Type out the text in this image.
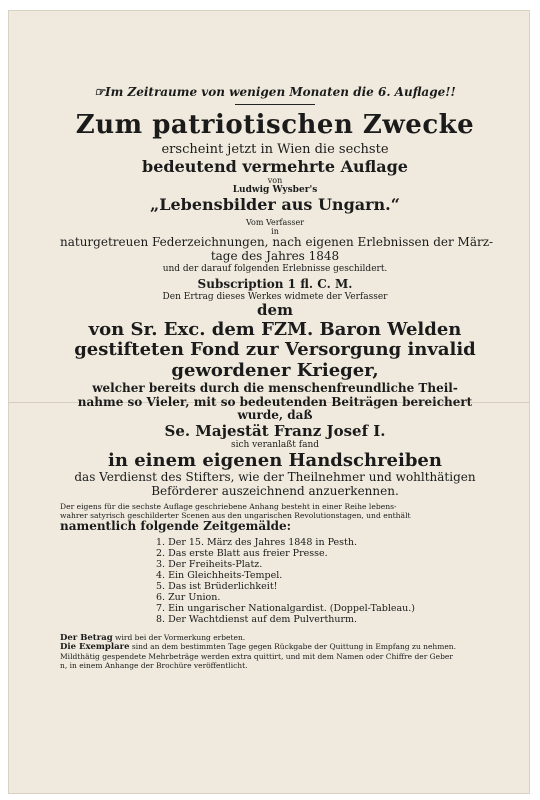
☞Im Zeitraume von wenigen Monaten die 6. Auflage!!
Zum patriotischen Zwecke
erscheint jetzt in Wien die sechste
bedeutend vermehrte Auflage
von
Ludwig Wysber's
„Lebensbilder aus Ungarn.“
Vom Verfasser
in
naturgetreuen Federzeichnungen, nach eigenen Erlebnissen der März-
tage des Jahres 1848
und der darauf folgenden Erlebnisse geschildert.
Subscription 1 fl. C. M.
Den Ertrag dieses Werkes widmete der Verfasser
dem
von Sr. Exc. dem FZM. Baron Welden
gestifteten Fond zur Versorgung invalid
gewordener Krieger,
welcher bereits durch die menschenfreundliche Theil-
nahme so Vieler, mit so bedeutenden Beiträgen bereichert
wurde, daß
Se. Majestät Franz Josef I.
sich veranlaßt fand
in einem eigenen Handschreiben
das Verdienst des Stifters, wie der Theilnehmer und wohlthätigen
Beförderer auszeichnend anzuerkennen.
Der eigens für die sechste Auflage geschriebene Anhang besteht in einer Reihe lebens-
wahrer satyrisch geschilderter Scenen aus den ungarischen Revolutionstagen, und enthält
namentlich folgende Zeitgemälde:
1. Der 15. März des Jahres 1848 in Pesth.
2. Das erste Blatt aus freier Presse.
3. Der Freiheits-Platz.
4. Ein Gleichheits-Tempel.
5. Das ist Brüderlichkeit!
6. Zur Union.
7. Ein ungarischer Nationalgardist. (Doppel-Tableau.)
8. Der Wachtdienst auf dem Pulverthurm.
Der Betrag wird bei der Vormerkung erbeten.
Die Exemplare sind an dem bestimmten Tage gegen Rückgabe der Quittung in Empfang zu nehmen.
Mildthätig gespendete Mehrbeträge werden extra quittirt, und mit dem Namen oder Chiffre der Geber
n, in einem Anhange der Brochüre veröffentlicht.
